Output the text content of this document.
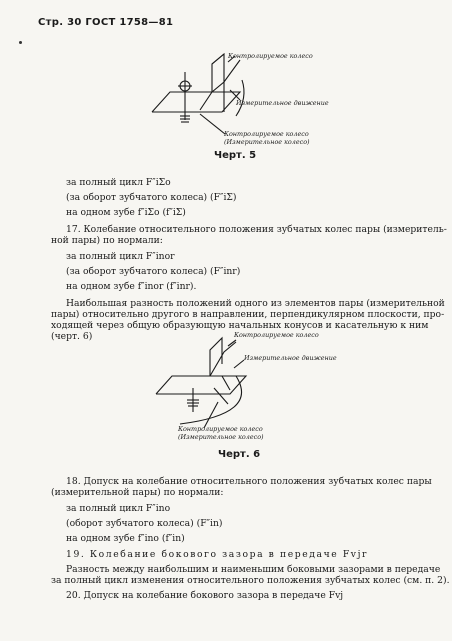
Стр. 30 ГОСТ 1758—81
Контролируемое колесо
Измерительное движение
Контролируемое колесо
(Измерительное колесо)
Черт. 5
за полный цикл F″iΣо
(за оборот зубчатого колеса) (F″iΣ)
на одном зубе f″iΣо (f″iΣ)
17. Колебание относительного положения зубчатых колес пары (измеритель-
ной пары) по нормали:
за полный цикл F″inor
(за оборот зубчатого колеса) (F″inr)
на одном зубе f″inor (f″inr).
Наибольшая разность положений одного из элементов пары (измерительной
пары) относительно другого в направлении, перпендикулярном плоскости, про-
ходящей через общую образующую начальных конусов и касательную к ним
(черт. 6)	Контролируемое колесо
Измерительное движение
Контролируемое колесо
(Измерительное колесо)
Черт. 6
18. Допуск на колебание относительного положения зубчатых колес пары
(измерительной пары) по нормали:
за полный цикл F″ino
(оборот зубчатого колеса) (F″in)
на одном зубе f″ino (f″in)
19. Колебание бокового зазора в передаче Fvjr
Разность между наибольшим и наименьшим боковыми зазорами в передаче
за полный цикл изменения относительного положения зубчатых колес (см. п. 2).
20. Допуск на колебание бокового зазора в передаче Fvj
